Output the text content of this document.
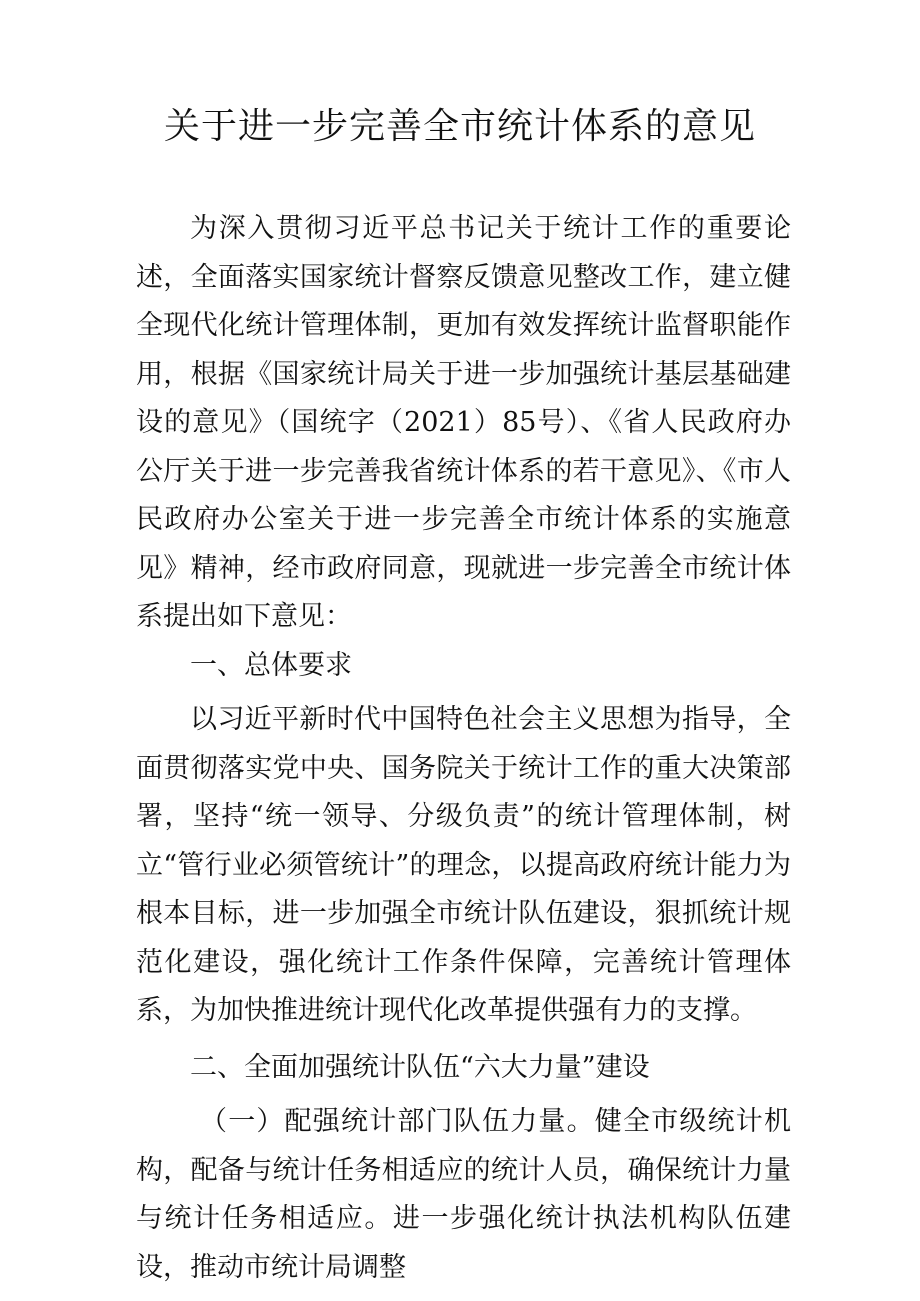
关于进一步完善全市统计体系的意见

为深入贯彻习近平总书记关于统计工作的重要论述，全面落实国家统计督察反馈意见整改工作，建立健全现代化统计管理体制，更加有效发挥统计监督职能作用，根据《国家统计局关于进一步加强统计基层基础建设的意见》（国统字（2021）85号）、《省人民政府办公厅关于进一步完善我省统计体系的若干意见》、《市人民政府办公室关于进一步完善全市统计体系的实施意见》精神，经市政府同意，现就进一步完善全市统计体系提出如下意见：

一、总体要求

以习近平新时代中国特色社会主义思想为指导，全面贯彻落实党中央、国务院关于统计工作的重大决策部署，坚持“统一领导、分级负责”的统计管理体制，树立“管行业必须管统计”的理念，以提高政府统计能力为根本目标，进一步加强全市统计队伍建设，狠抓统计规范化建设，强化统计工作条件保障，完善统计管理体系，为加快推进统计现代化改革提供强有力的支撑。

二、全面加强统计队伍“六大力量”建设

（一）配强统计部门队伍力量。健全市级统计机构，配备与统计任务相适应的统计人员，确保统计力量与统计任务相适应。进一步强化统计执法机构队伍建设，推动市统计局调整
